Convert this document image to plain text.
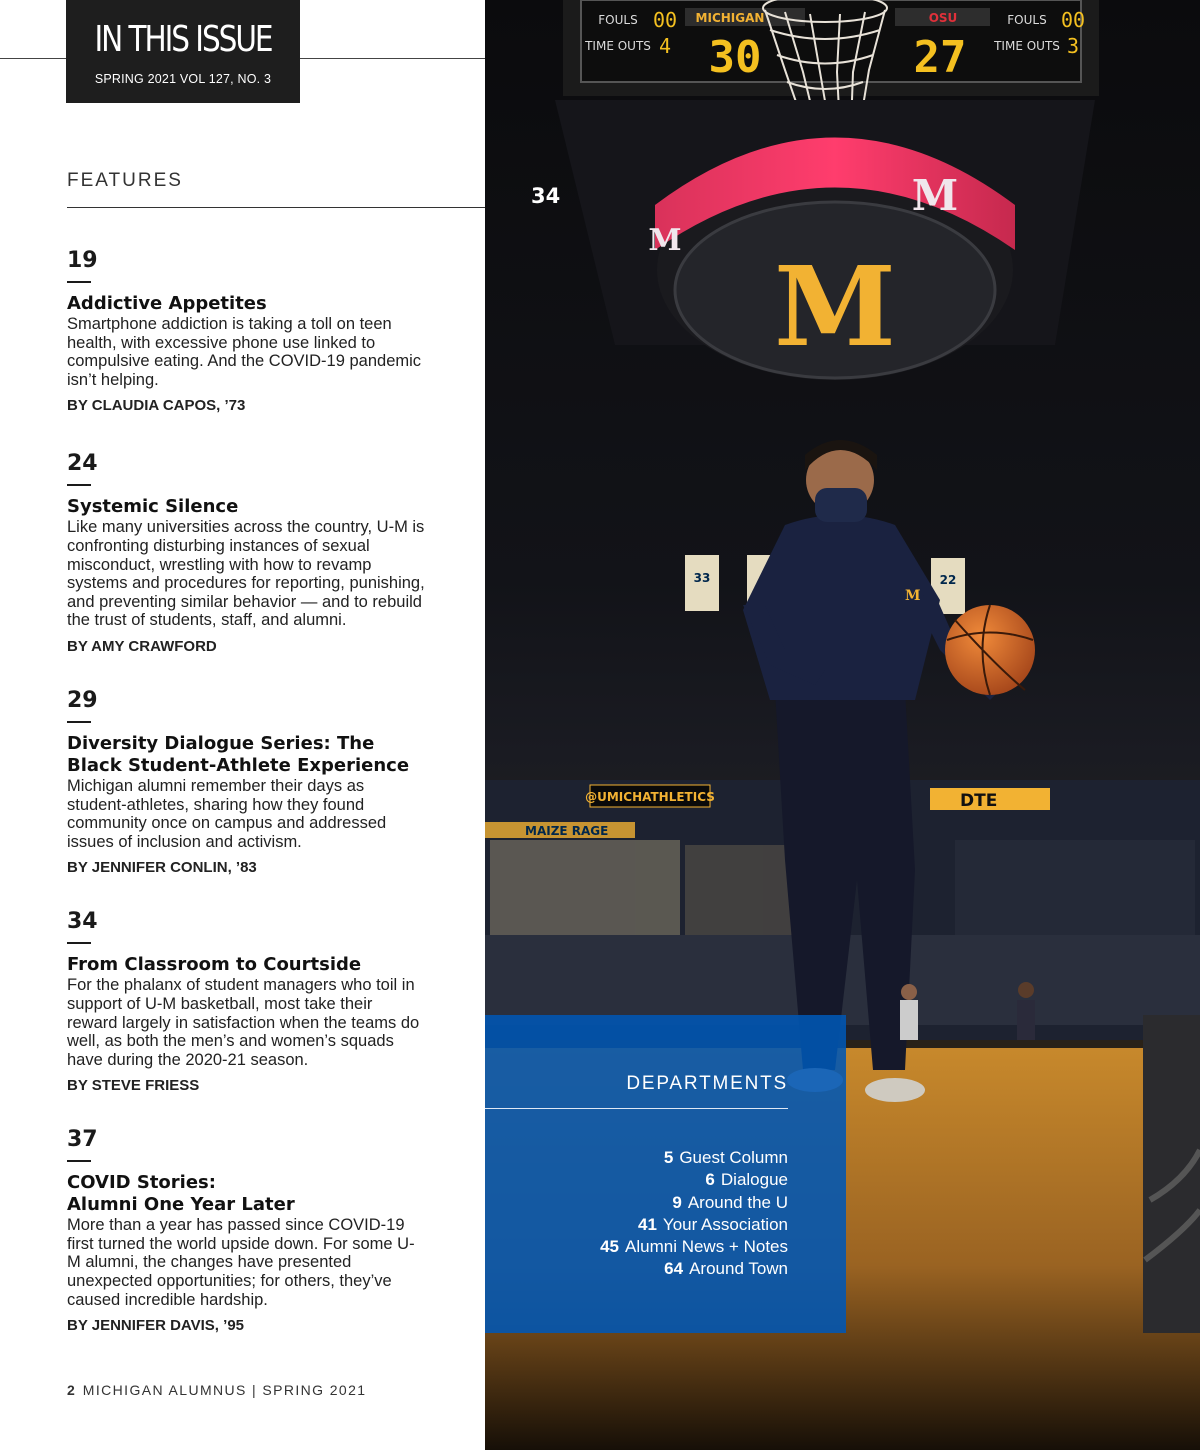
IN THIS ISSUE
SPRING 2021 VOL 127, NO. 3
FEATURES
19
Addictive Appetites
Smartphone addiction is taking a toll on teen health, with excessive phone use linked to compulsive eating. And the COVID-19 pandemic isn’t helping.
BY CLAUDIA CAPOS, ’73
24
Systemic Silence
Like many universities across the country, U-M is confronting disturbing instances of sexual misconduct, wrestling with how to revamp systems and procedures for reporting, punishing, and preventing similar behavior — and to rebuild the trust of students, staff, and alumni.
BY AMY CRAWFORD
29
Diversity Dialogue Series: The Black Student-Athlete Experience
Michigan alumni remember their days as student-athletes, sharing how they found community once on campus and addressed issues of inclusion and activism.
BY JENNIFER CONLIN, ’83
34
From Classroom to Courtside
For the phalanx of student managers who toil in support of U-M basketball, most take their reward largely in satisfaction when the teams do well, as both the men’s and women’s squads have during the 2020-21 season.
BY STEVE FRIESS
37
COVID Stories:
Alumni One Year Later
More than a year has passed since COVID-19 first turned the world upside down. For some U-M alumni, the changes have presented unexpected opportunities; for others, they’ve caused incredible hardship.
BY JENNIFER DAVIS, ’95
2 MICHIGAN ALUMNUS | SPRING 2021
@UMICHATHLETICS	DTE
MAIZE RAGE
33	22
FOULS 00
TIME OUTS 4
MICHIGAN
30
OSU
27
FOULS 00
TIME OUTS 3
M
M
M
M
34
DEPARTMENTS
5 Guest Column
6 Dialogue
9 Around the U
41 Your Association
45 Alumni News + Notes
64 Around Town
